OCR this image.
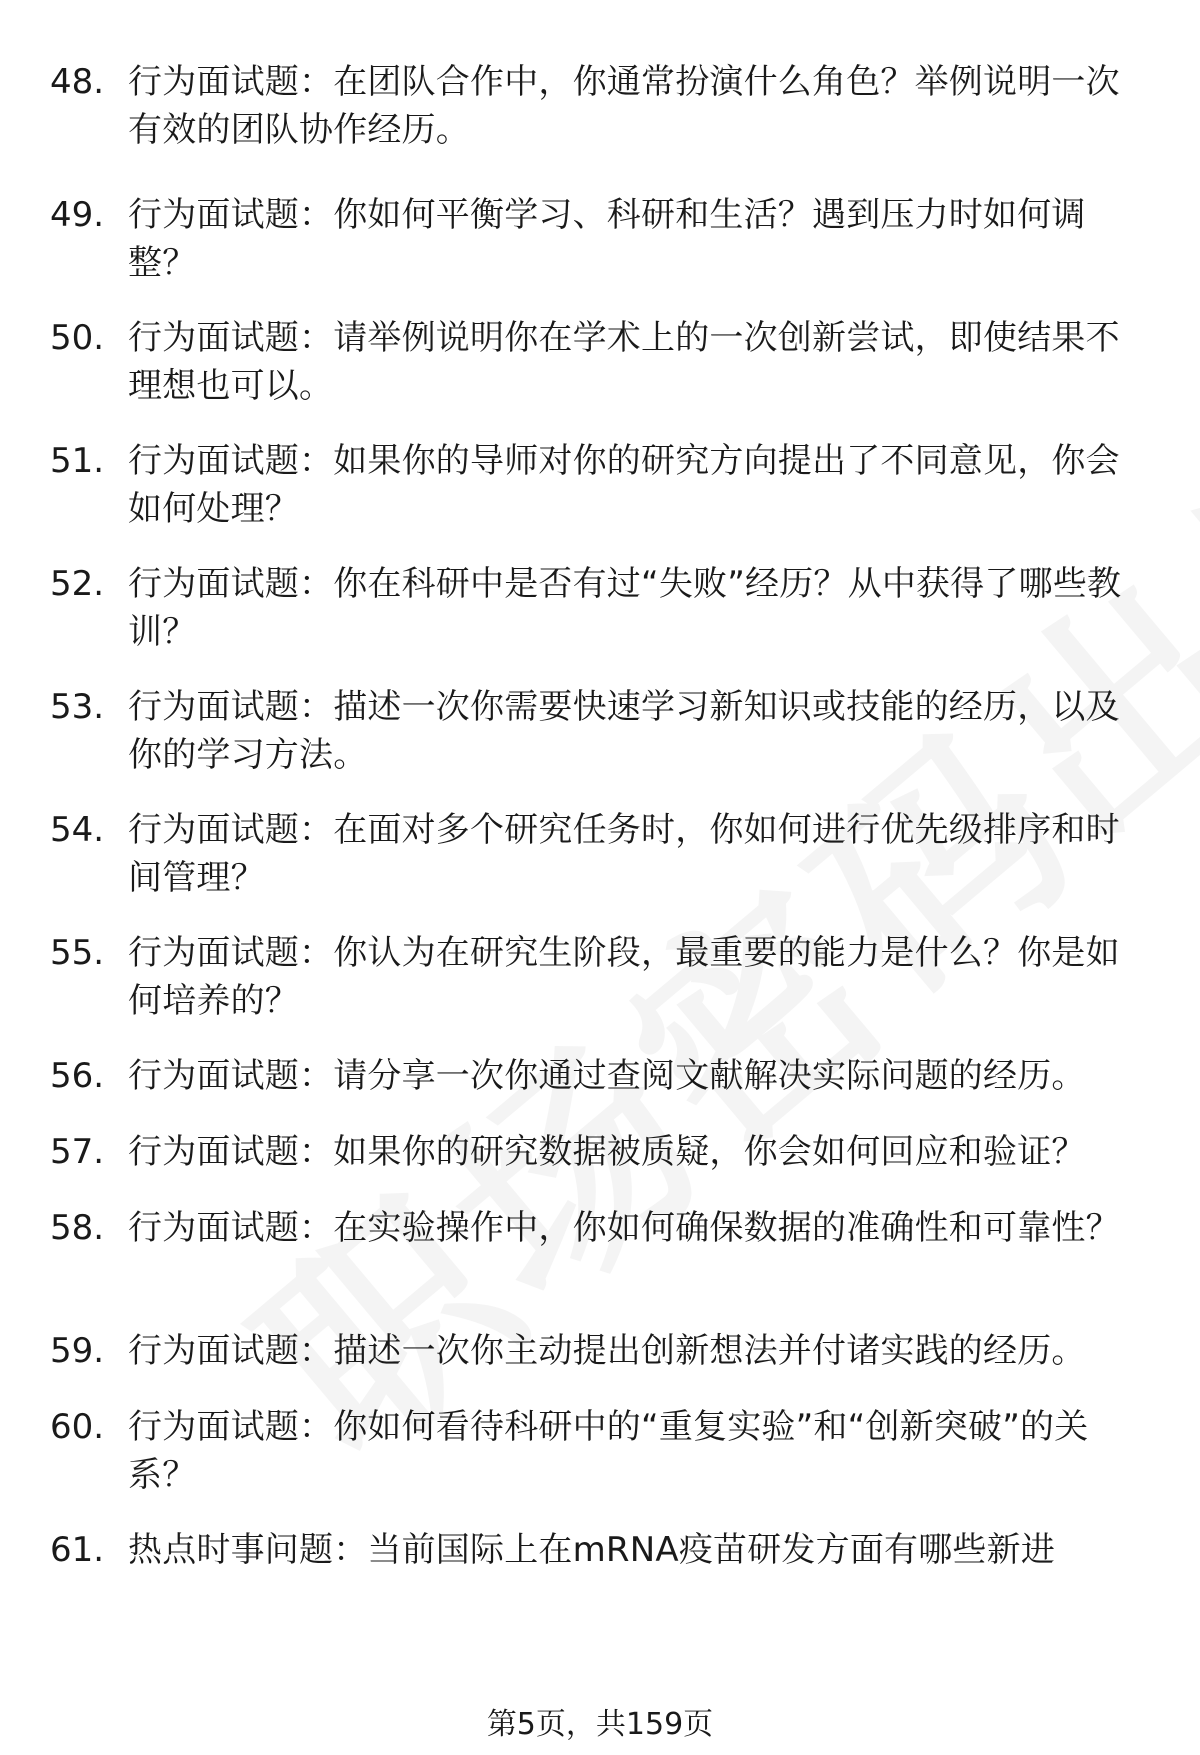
48. 行为面试题：在团队合作中，你通常扮演什么角色？举例说明一次有效的团队协作经历。
49. 行为面试题：你如何平衡学习、科研和生活？遇到压力时如何调整？
50. 行为面试题：请举例说明你在学术上的一次创新尝试，即使结果不理想也可以。
51. 行为面试题：如果你的导师对你的研究方向提出了不同意见，你会如何处理？
52. 行为面试题：你在科研中是否有过“失败”经历？从中获得了哪些教训？
53. 行为面试题：描述一次你需要快速学习新知识或技能的经历，以及你的学习方法。
54. 行为面试题：在面对多个研究任务时，你如何进行优先级排序和时间管理？
55. 行为面试题：你认为在研究生阶段，最重要的能力是什么？你是如何培养的？
56. 行为面试题：请分享一次你通过查阅文献解决实际问题的经历。
57. 行为面试题：如果你的研究数据被质疑，你会如何回应和验证？
58. 行为面试题：在实验操作中，你如何确保数据的准确性和可靠性？
59. 行为面试题：描述一次你主动提出创新想法并付诸实践的经历。
60. 行为面试题：你如何看待科研中的“重复实验”和“创新突破”的关系？
61. 热点时事问题：当前国际上在mRNA疫苗研发方面有哪些新进
第5页，共159页
